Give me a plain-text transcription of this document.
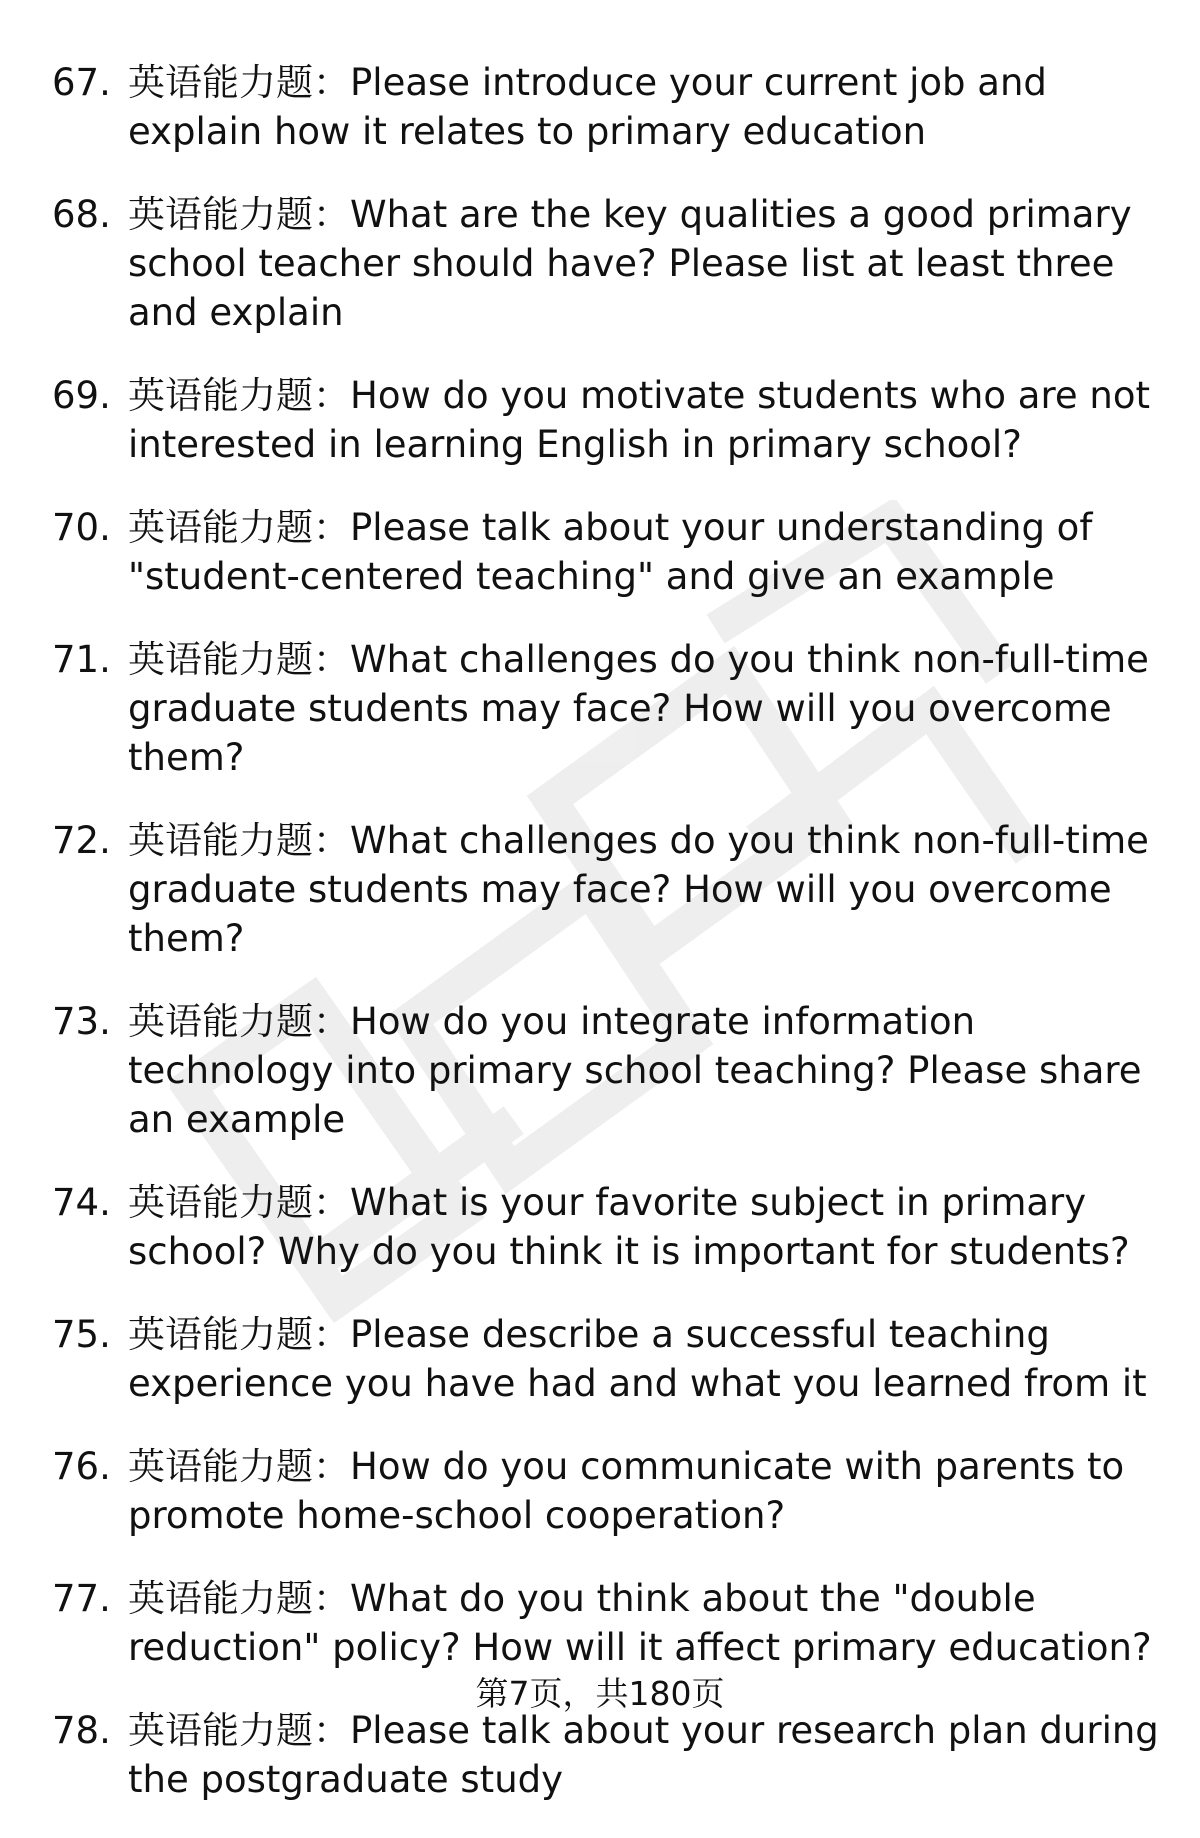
67. 英语能力题：Please introduce your current job and explain how it relates to primary education
68. 英语能力题：What are the key qualities a good primary school teacher should have? Please list at least three and explain
69. 英语能力题：How do you motivate students who are not interested in learning English in primary school?
70. 英语能力题：Please talk about your understanding of "student-centered teaching" and give an example
71. 英语能力题：What challenges do you think non-full-time graduate students may face? How will you overcome them?
72. 英语能力题：What challenges do you think non-full-time graduate students may face? How will you overcome them?
73. 英语能力题：How do you integrate information technology into primary school teaching? Please share an example
74. 英语能力题：What is your favorite subject in primary school? Why do you think it is important for students?
75. 英语能力题：Please describe a successful teaching experience you have had and what you learned from it
76. 英语能力题：How do you communicate with parents to promote home-school cooperation?
77. 英语能力题：What do you think about the "double reduction" policy? How will it affect primary education?
78. 英语能力题：Please talk about your research plan during the postgraduate study
第7页，共180页
